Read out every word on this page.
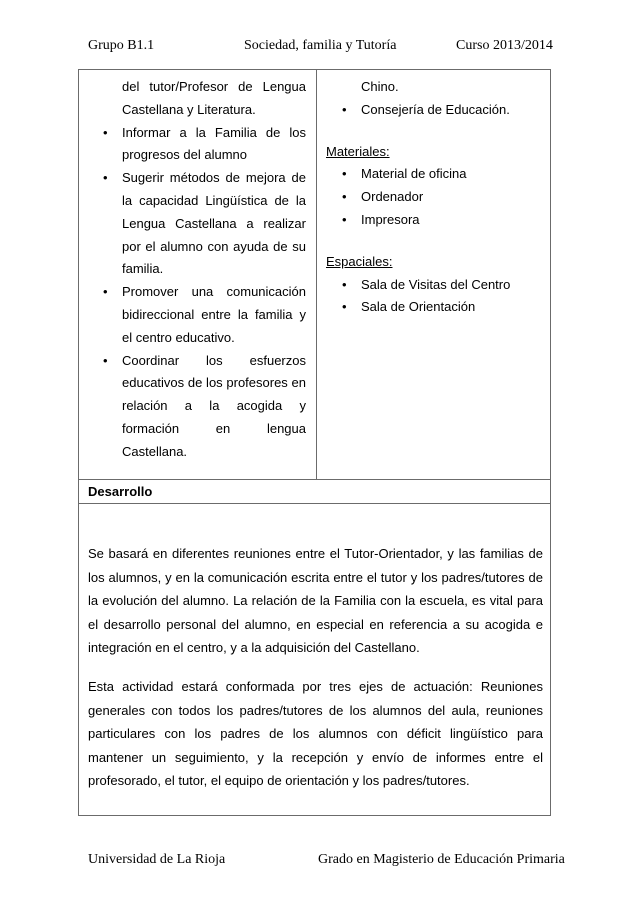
Grupo B1.1	Sociedad, familia y Tutoría	Curso 2013/2014
del tutor/Profesor de Lengua Castellana y Literatura.
• Informar a la Familia de los progresos del alumno
• Sugerir métodos de mejora de la capacidad Lingüística de la Lengua Castellana a realizar por el alumno con ayuda de su familia.
• Promover una comunicación bidireccional entre la familia y el centro educativo.
• Coordinar los esfuerzos educativos de los profesores en relación a la acogida y formación en lengua Castellana.
Chino.
• Consejería de Educación.
Materiales:
• Material de oficina
• Ordenador
• Impresora
Espaciales:
• Sala de Visitas del Centro
• Sala de Orientación
Desarrollo
Se basará en diferentes reuniones entre el Tutor-Orientador, y las familias de los alumnos, y en la comunicación escrita entre el tutor y los padres/tutores de la evolución del alumno. La relación de la Familia con la escuela, es vital para el desarrollo personal del alumno, en especial en referencia a su acogida e integración en el centro, y a la adquisición del Castellano.
Esta actividad estará conformada por tres ejes de actuación: Reuniones generales con todos los padres/tutores de los alumnos del aula, reuniones particulares con los padres de los alumnos con déficit lingüístico para mantener un seguimiento, y la recepción y envío de informes entre el profesorado, el tutor, el equipo de orientación y los padres/tutores.
Universidad de La Rioja	Grado en Magisterio de Educación Primaria
